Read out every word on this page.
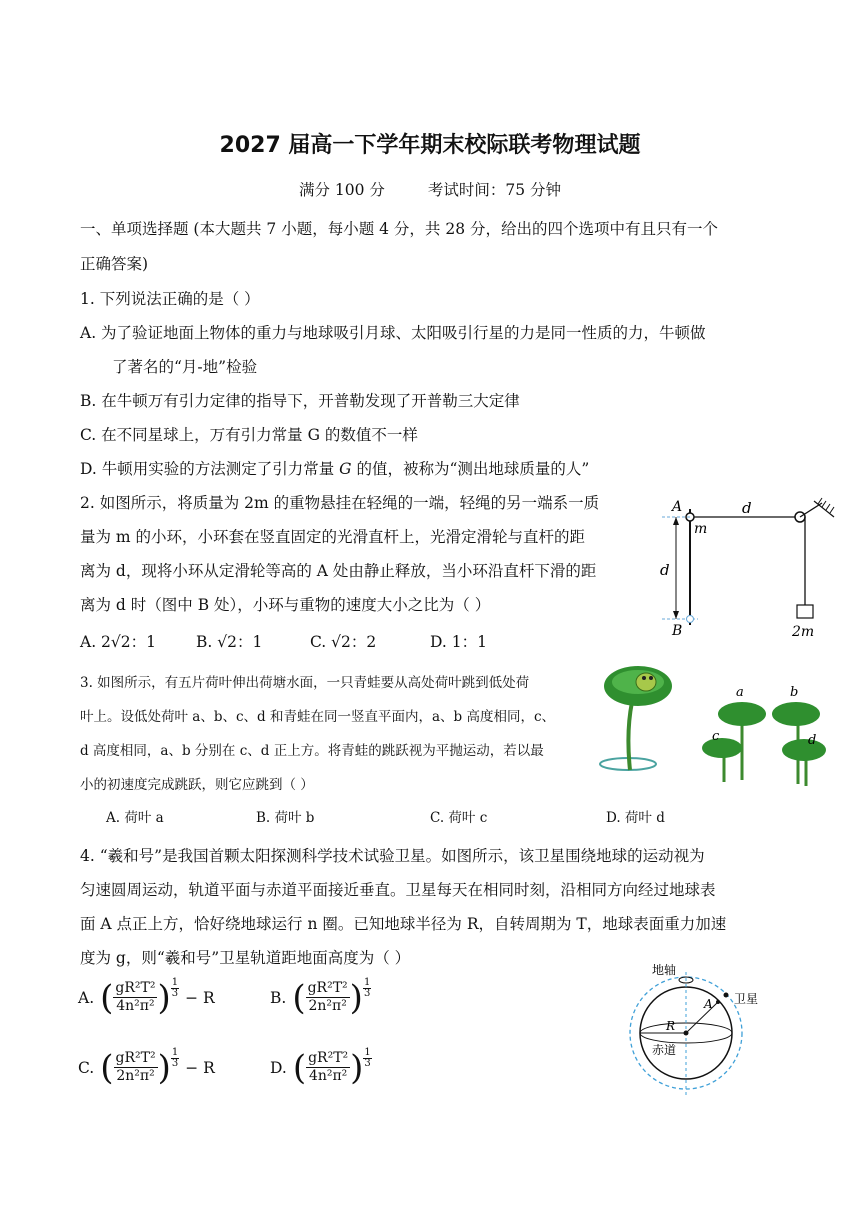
2027 届高一下学年期末校际联考物理试题
满分 100 分	考试时间：75 分钟
一、单项选择题 (本大题共 7 小题，每小题 4 分，共 28 分，给出的四个选项中有且只有一个
正确答案)
1. 下列说法正确的是（ ）
A. 为了验证地面上物体的重力与地球吸引月球、太阳吸引行星的力是同一性质的力，牛顿做
了著名的“月-地”检验
B. 在牛顿万有引力定律的指导下，开普勒发现了开普勒三大定律
C. 在不同星球上，万有引力常量 G 的数值不一样
D. 牛顿用实验的方法测定了引力常量 G 的值，被称为“测出地球质量的人”
2. 如图所示，将质量为 2m 的重物悬挂在轻绳的一端，轻绳的另一端系一质
量为 m 的小环，小环套在竖直固定的光滑直杆上，光滑定滑轮与直杆的距
离为 d，现将小环从定滑轮等高的 A 处由静止释放，当小环沿直杆下滑的距
离为 d 时（图中 B 处），小环与重物的速度大小之比为（ ）
A. 2√2：1	B. √2：1	C. √2：2	D. 1：1
A
m
d
d
B	2m
3. 如图所示，有五片荷叶伸出荷塘水面，一只青蛙要从高处荷叶跳到低处荷
叶上。设低处荷叶 a、b、c、d 和青蛙在同一竖直平面内，a、b 高度相同，c、
d 高度相同，a、b 分别在 c、d 正上方。将青蛙的跳跃视为平抛运动，若以最
小的初速度完成跳跃，则它应跳到（ ）
A. 荷叶 a	B. 荷叶 b	C. 荷叶 c	D. 荷叶 d
a	b
c	d
4. “羲和号”是我国首颗太阳探测科学技术试验卫星。如图所示，该卫星围绕地球的运动视为
匀速圆周运动，轨道平面与赤道平面接近垂直。卫星每天在相同时刻，沿相同方向经过地球表
面 A 点正上方，恰好绕地球运行 n 圈。已知地球半径为 R，自转周期为 T，地球表面重力加速
度为 g，则“羲和号”卫星轨道距地面高度为（ ）
A. ( $\frac{\text{gR²T²}}{\text{4n²π²}}$ ) 1
3 − R	B. ( $\frac{\text{gR²T²}}{\text{2n²π²}}$ ) 1
3
C. ( $\frac{\text{gR²T²}}{\text{2n²π²}}$ ) 1
3 − R	D. ( $\frac{\text{gR²T²}}{\text{4n²π²}}$ ) 1
3
地轴
卫星
A
R
赤道
